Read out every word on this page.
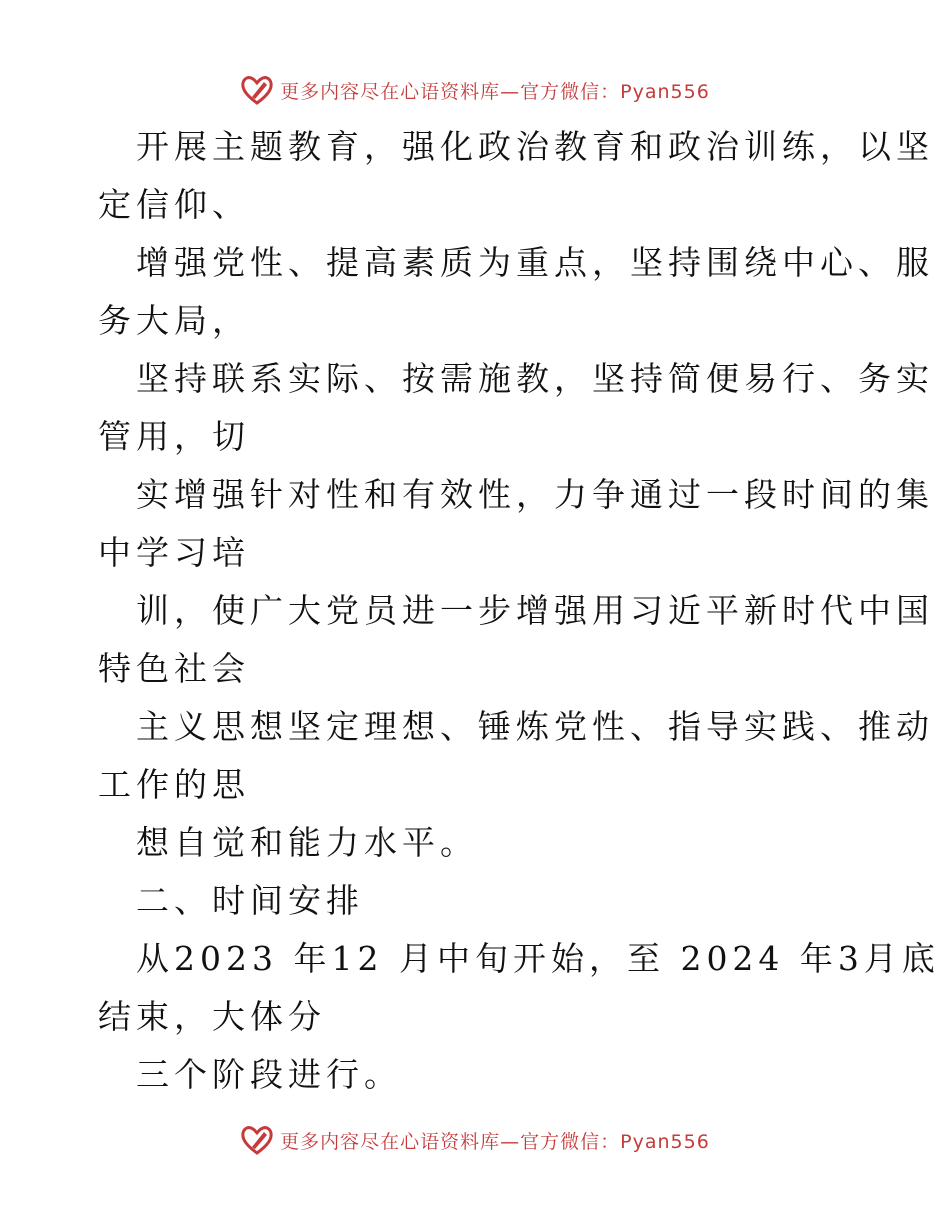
更多内容尽在心语资料库—官方微信：Pyan556
开展主题教育，强化政治教育和政治训练，以坚
定信仰、
增强党性、提高素质为重点，坚持围绕中心、服
务大局，
坚持联系实际、按需施教，坚持简便易行、务实
管用，切
实增强针对性和有效性，力争通过一段时间的集
中学习培
训，使广大党员进一步增强用习近平新时代中国
特色社会
主义思想坚定理想、锤炼党性、指导实践、推动
工作的思
想自觉和能力水平。
二、时间安排
从2023 年12 月中旬开始，至 2024 年3月底
结束，大体分
三个阶段进行。
更多内容尽在心语资料库—官方微信：Pyan556
